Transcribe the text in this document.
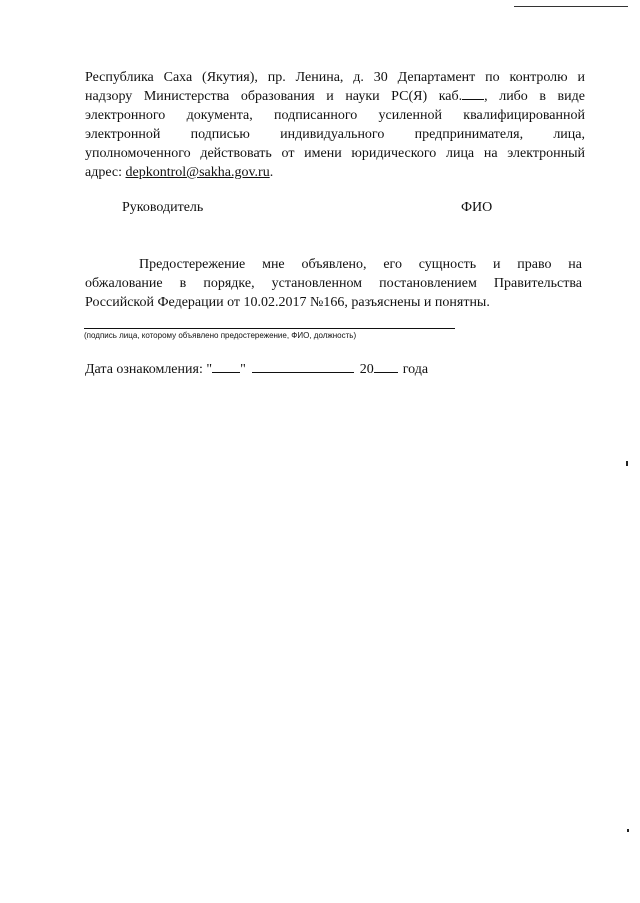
Республика Саха (Якутия), пр. Ленина, д. 30 Департамент по контролю и
надзору Министерства образования и науки РС(Я) каб. , либо в виде
электронного документа, подписанного усиленной квалифицированной
электронной подписью индивидуального предпринимателя, лица,
уполномоченного действовать от имени юридического лица на электронный
адрес: depkontrol@sakha.gov.ru.
Руководитель	ФИО
Предостережение мне объявлено, его сущность и право на
обжалование в порядке, установленном постановлением Правительства
Российской Федерации от 10.02.2017 №166, разъяснены и понятны.
(подпись лица, которому объявлено предостережение, ФИО, должность)
Дата ознакомления: " "	20 года
